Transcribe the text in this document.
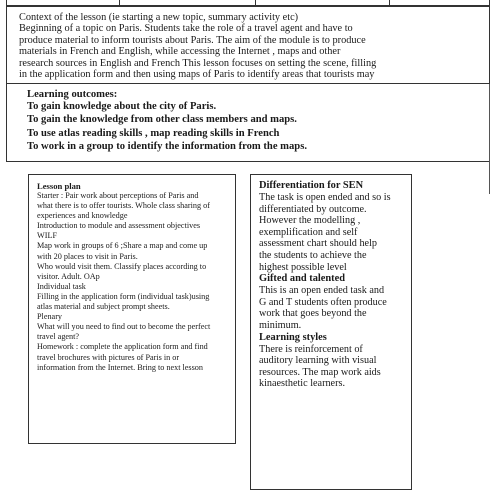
Context of the lesson (ie starting a new topic, summary activity etc)

Beginning of a topic on Paris. Students take the role of a travel agent and have to

produce material to inform tourists about Paris. The aim of the module is to produce

materials in French and English, while accessing the Internet , maps and other

research sources in English and French This lesson focuses on setting the scene, filling

in the application form and then using maps of Paris to identify areas that tourists may

Learning outcomes:
To gain knowledge about the city of Paris.
To gain the knowledge from other class members and maps.
To use atlas reading skills , map reading skills in French
To work in a group to identify the information from the maps.
Lesson plan
Starter : Pair work about perceptions of Paris and
what there is to offer tourists. Whole class sharing of
experiences and knowledge
Introduction to module and assessment objectives
WILF
Map work in groups of 6 ;Share a map and come up
with 20 places to visit in Paris.
Who would visit them. Classify places according to
visitor. Adult. OAp
Individual task
Filling in the application form (individual task)using
atlas material and subject prompt sheets.
Plenary
What will you need to find out to become the perfect
travel agent?
Homework : complete the application form and find
travel brochures with pictures of Paris in or
information from the Internet. Bring to next lesson
Differentiation for SEN
The task is open ended and so is
differentiated by outcome.
However the modelling ,
exemplification and self
assessment chart should help
the students to achieve the
highest possible level
Gifted and talented
This is an open ended task and
G and T students often produce
work that goes beyond the
minimum.
Learning styles
There is reinforcement of
auditory learning with visual
resources. The map work aids
kinaesthetic learners.
